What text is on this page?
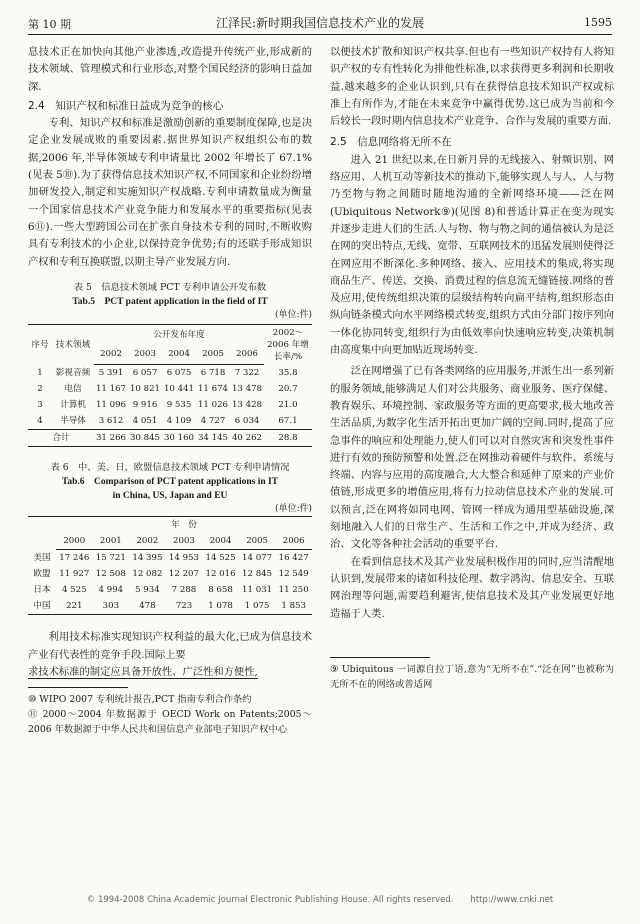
第 10 期	江泽民:新时期我国信息技术产业的发展	1595

息技术正在加快向其他产业渗透,改造提升传统产业,形成新的技术领域、管理模式和行业形态,对整个国民经济的影响日益加深.

2.4　知识产权和标准日益成为竞争的核心

专利、知识产权和标准是激励创新的重要制度保障,也是决定企业发展成败的重要因素.据世界知识产权组织公布的数据,2006 年,半导体领域专利申请量比 2002 年增长了 67.1%(见表 5⑩).为了获得信息技术知识产权,不同国家和企业纷纷增加研发投入,制定和实施知识产权战略.专利申请数量成为衡量一个国家信息技术产业竞争能力和发展水平的重要指标(见表 6⑪).一些大型跨国公司在扩张自身技术专利的同时,不断收购具有专利技术的小企业,以保持竞争优势;有的还联手形成知识产权和专利互换联盟,以期主导产业发展方向.

表 5　信息技术领域 PCT 专利申请公开发布数

Tab.5　PCT patent application in the field of IT

(单位:件)
序号	技术领域	公开发布年度					2002～2006 年增长率/%
		2002	2003	2004	2005	2006	
1	影视音频	5 391	6 057	6 075	6 718	7 322	35.8
2	电信	11 167	10 821	10 441	11 674	13 478	20.7
3	计算机	11 096	9 916	9 535	11 026	13 428	21.0
4	半导体	3 612	4 051	4 109	4 727	6 034	67.1
合计		31 266	30 845	30 160	34 145	40 262	28.8

表 6　中、美、日、欧盟信息技术领域 PCT 专利申请情况

Tab.6　Comparison of PCT patent applications in IT

in China, US, Japan and EU

(单位:件)
	年　份						
	2000	2001	2002	2003	2004	2005	2006
美国	17 246	15 721	14 395	14 953	14 525	14 077	16 427
欧盟	11 927	12 508	12 082	12 207	12 016	12 845	12 549
日本	4 525	4 994	5 934	7 288	8 658	11 031	11 250
中国	221	303	478	723	1 078	1 075	1 853

利用技术标准实现知识产权利益的最大化,已成为信息技术产业有代表性的竞争手段.国际上要

求技术标准的制定应具备开放性、广泛性和方便性,

⑩ WIPO 2007 专利统计报告,PCT 指南专利合作条约

⑪ 2000～2004 年数据源于 OECD Work on Patents;2005～2006 年数据源于中华人民共和国信息产业部电子知识产权中心

以便技术扩散和知识产权共享.但也有一些知识产权持有人将知识产权的专有性转化为排他性标准,以求获得更多利润和长期收益.越来越多的企业认识到,只有在获得信息技术知识产权或标准上有所作为,才能在未来竞争中赢得优势.这已成为当前和今后较长一段时期内信息技术产业竞争、合作与发展的重要方面.

2.5　信息网络将无所不在

进入 21 世纪以来,在日新月异的无线接入、射频识别、网络应用、人机互动等新技术的推动下,能够实现人与人、人与物乃至物与物之间随时随地沟通的全新网络环境——泛在网(Ubiquitous Network⑨)(见图 8)和普适计算正在变为现实并逐步走进人们的生活.人与物、物与物之间的通信被认为是泛在网的突出特点,无线、宽带、互联网技术的迅猛发展则使得泛在网应用不断深化.多种网络、接入、应用技术的集成,将实现商品生产、传送、交换、消费过程的信息流无缝链接.网络的普及应用,使传统组织决策的层级结构转向扁平结构,组织形态由纵向链条模式向水平网络模式转变,组织方式由分部门按序列向一体化协同转变,组织行为由低效率向快速响应转变,决策机制由高度集中向更加贴近现场转变.

泛在网增强了已有各类网络的应用服务,并派生出一系列新的服务领域,能够满足人们对公共服务、商业服务、医疗保健、教育娱乐、环境控制、家政服务等方面的更高要求,极大地改善生活品质,为数字化生活开拓出更加广阔的空间.同时,提高了应急事件的响应和处理能力,使人们可以对自然灾害和突发性事件进行有效的预防预警和处置.泛在网推动着硬件与软件、系统与终端、内容与应用的高度融合,大大整合和延伸了原来的产业价值链,形成更多的增值应用,将有力拉动信息技术产业的发展.可以预言,泛在网将如同电网、管网一样成为通用型基础设施,深刻地融入人们的日常生产、生活和工作之中,并成为经济、政治、文化等各种社会活动的重要平台.

在看到信息技术及其产业发展积极作用的同时,应当清醒地认识到,发展带来的诸如科技伦理、数字鸿沟、信息安全、互联网治理等问题,需要趋利避害,使信息技术及其产业发展更好地造福于人类.

⑨ Ubiquitous 一词源自拉丁语,意为“无所不在”.“泛在网”也被称为无所不在的网络或普适网

© 1994-2008 China Academic Journal Electronic Publishing House. All rights reserved.　　http://www.cnki.net
